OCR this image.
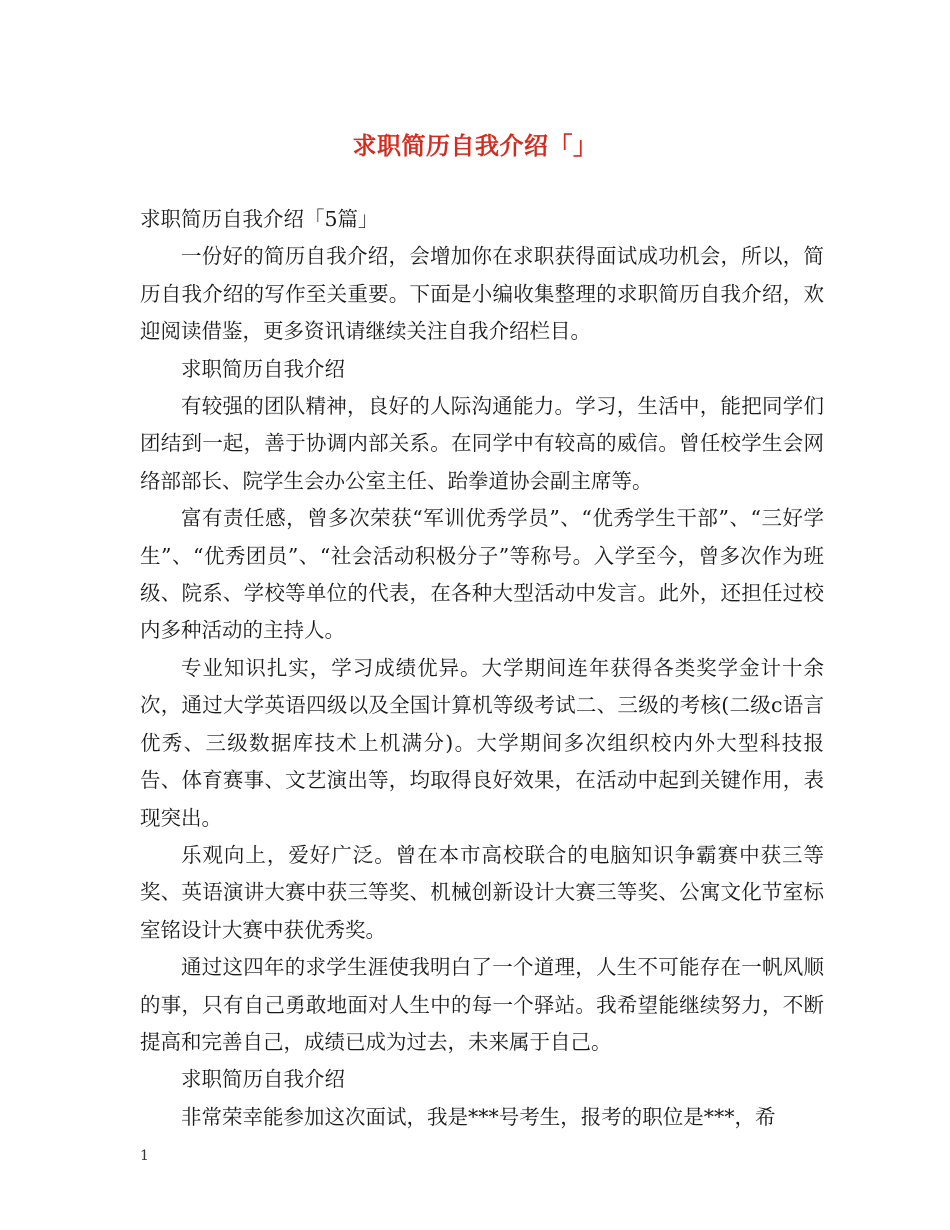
求职简历自我介绍「」

求职简历自我介绍「5篇」

一份好的简历自我介绍，会增加你在求职获得面试成功机会，所以，简历自我介绍的写作至关重要。下面是小编收集整理的求职简历自我介绍，欢迎阅读借鉴，更多资讯请继续关注自我介绍栏目。

求职简历自我介绍

有较强的团队精神，良好的人际沟通能力。学习，生活中，能把同学们团结到一起，善于协调内部关系。在同学中有较高的威信。曾任校学生会网络部部长、院学生会办公室主任、跆拳道协会副主席等。

富有责任感，曾多次荣获“军训优秀学员”、“优秀学生干部”、“三好学生”、“优秀团员”、“社会活动积极分子”等称号。入学至今，曾多次作为班级、院系、学校等单位的代表，在各种大型活动中发言。此外，还担任过校内多种活动的主持人。

专业知识扎实，学习成绩优异。大学期间连年获得各类奖学金计十余次，通过大学英语四级以及全国计算机等级考试二、三级的考核(二级c语言优秀、三级数据库技术上机满分)。大学期间多次组织校内外大型科技报告、体育赛事、文艺演出等，均取得良好效果，在活动中起到关键作用，表现突出。

乐观向上，爱好广泛。曾在本市高校联合的电脑知识争霸赛中获三等奖、英语演讲大赛中获三等奖、机械创新设计大赛三等奖、公寓文化节室标室铭设计大赛中获优秀奖。

通过这四年的求学生涯使我明白了一个道理，人生不可能存在一帆风顺的事，只有自己勇敢地面对人生中的每一个驿站。我希望能继续努力，不断提高和完善自己，成绩已成为过去，未来属于自己。

求职简历自我介绍

非常荣幸能参加这次面试，我是***号考生，报考的职位是***，希

1
